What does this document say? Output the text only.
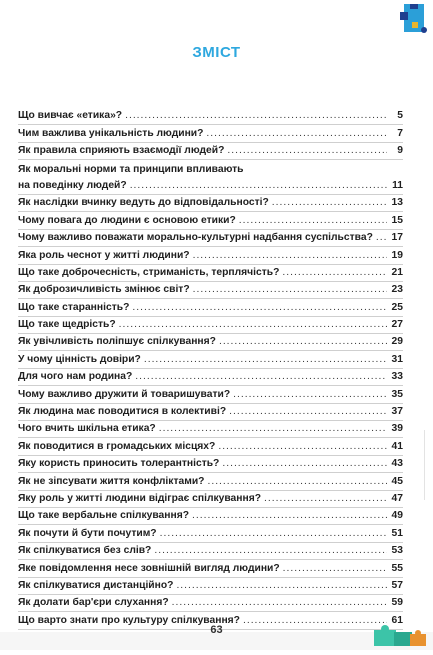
ЗМІСТ
Що вивчає «етика»? .....	5
Чим важлива унікальність людини? .....	7
Як правила сприяють взаємодії людей? .....	9
Як моральні норми та принципи впливають
на поведінку людей? .....	11
Як наслідки вчинку ведуть до відповідальності? .....	13
Чому повага до людини є основою етики? .....	15
Чому важливо поважати морально-культурні надбання суспільства? ..... 17
Яка роль чеснот у житті людини? .....	19
Що таке доброчесність, стриманість, терплячість? .....	21
Як доброзичливість змінює світ? .....	23
Що таке старанність? .....	25
Що таке щедрість? .....	27
Як увічливість поліпшує спілкування? .....	29
У чому цінність довіри? .....	31
Для чого нам родина? .....	33
Чому важливо дружити й товаришувати? .....	35
Як людина має поводитися в колективі? .....	37
Чого вчить шкільна етика? .....	39
Як поводитися в громадських місцях? .....	41
Яку користь приносить толерантність? .....	43
Як не зіпсувати життя конфліктами? .....	45
Яку роль у житті людини відіграє спілкування? .....	47
Що таке вербальне спілкування? .....	49
Як почути й бути почутим? .....	51
Як спілкуватися без слів? .....	53
Яке повідомлення несе зовнішній вигляд людини? .....	55
Як спілкуватися дистанційно? .....	57
Як долати бар'єри слухання? .....	59
Що варто знати про культуру спілкування? .....	61
63
